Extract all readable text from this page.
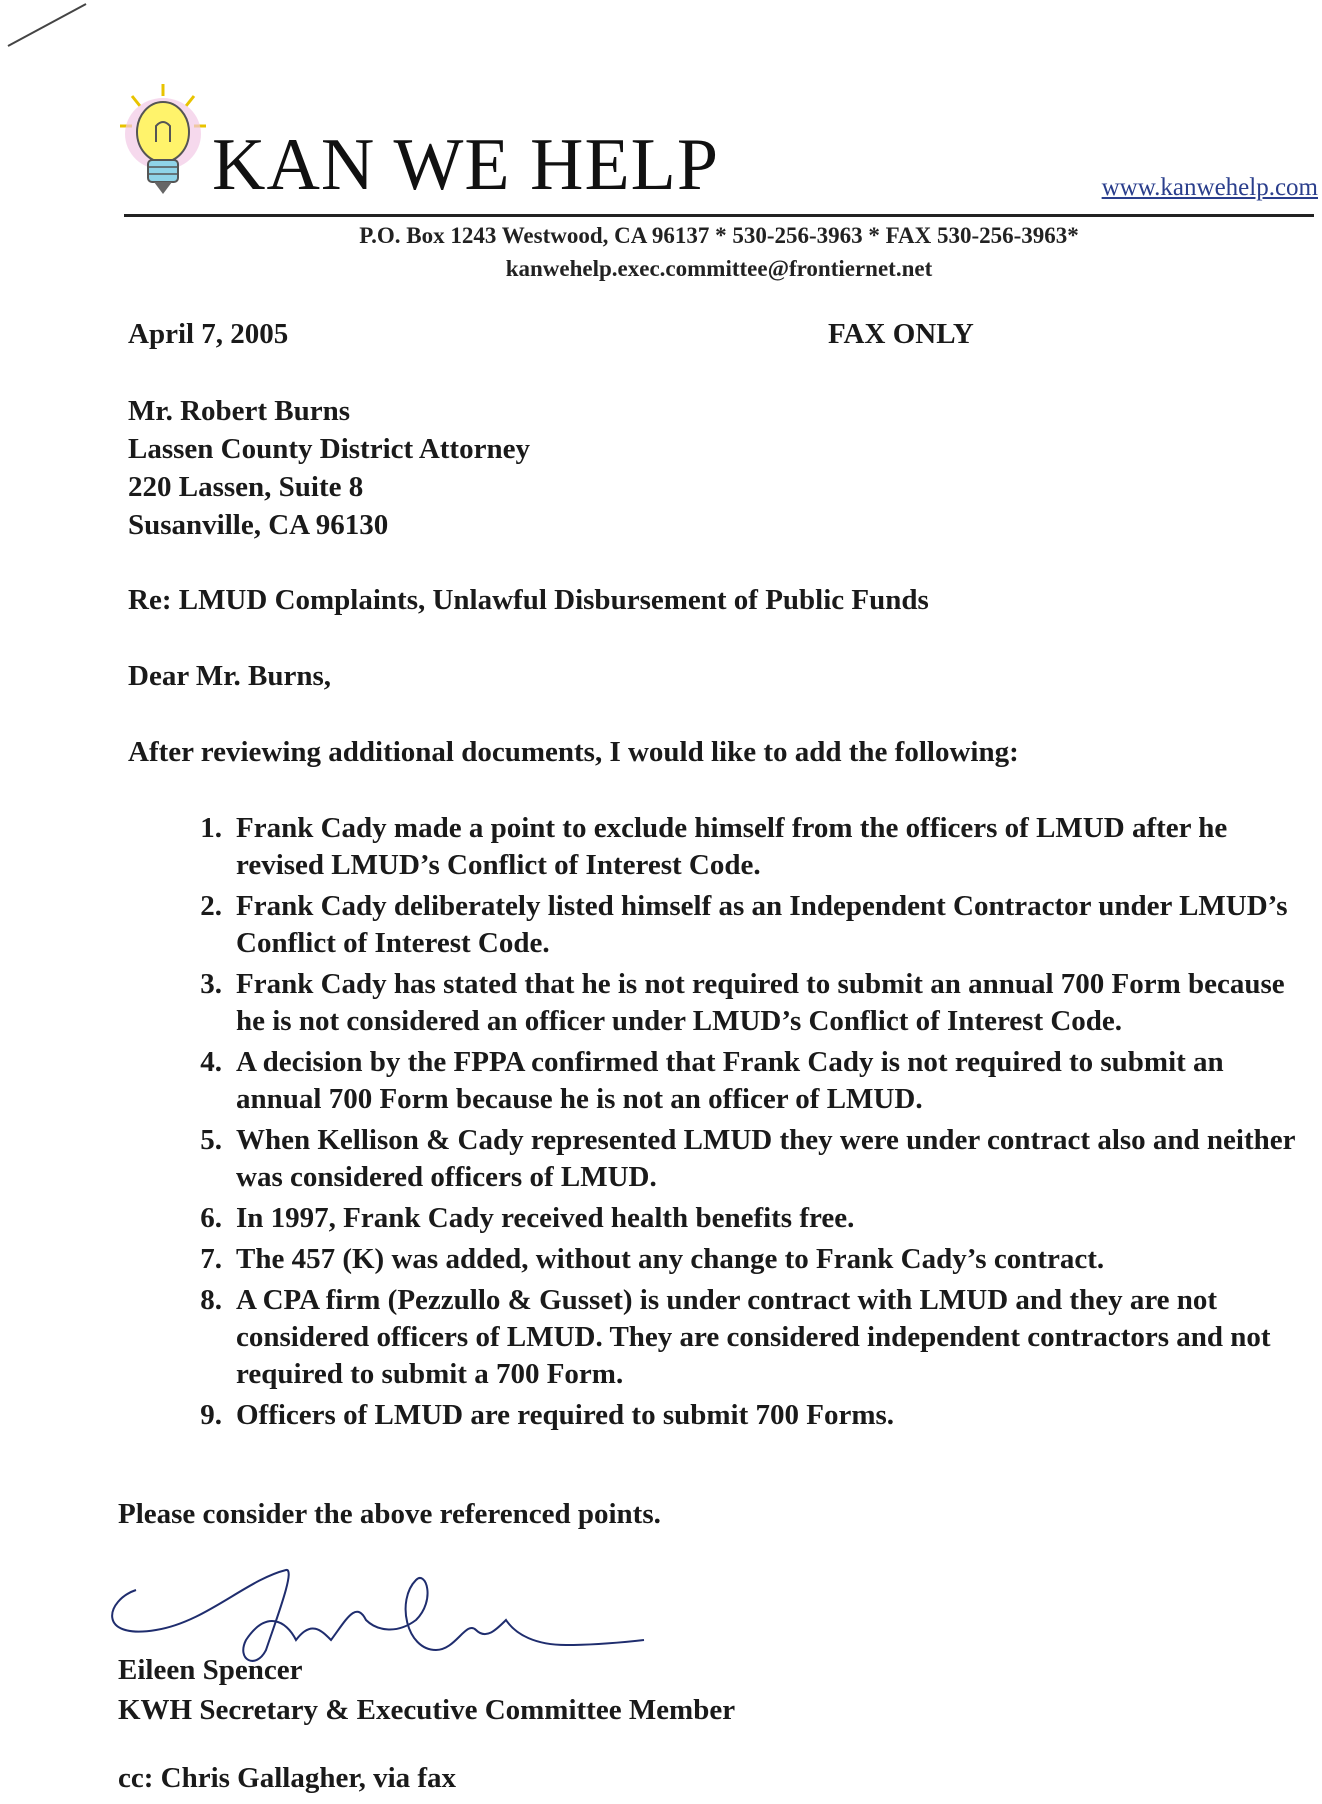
KAN WE HELP	www.kanwehelp.com
P.O. Box 1243 Westwood, CA 96137 * 530-256-3963 * FAX 530-256-3963*
kanwehelp.exec.committee@frontiernet.net
April 7, 2005	FAX ONLY
Mr. Robert Burns
Lassen County District Attorney
220 Lassen, Suite 8
Susanville, CA 96130
Re: LMUD Complaints, Unlawful Disbursement of Public Funds
Dear Mr. Burns,
After reviewing additional documents, I would like to add the following:
1. Frank Cady made a point to exclude himself from the officers of LMUD after he revised LMUD’s Conflict of Interest Code.
2. Frank Cady deliberately listed himself as an Independent Contractor under LMUD’s Conflict of Interest Code.
3. Frank Cady has stated that he is not required to submit an annual 700 Form because he is not considered an officer under LMUD’s Conflict of Interest Code.
4. A decision by the FPPA confirmed that Frank Cady is not required to submit an annual 700 Form because he is not an officer of LMUD.
5. When Kellison & Cady represented LMUD they were under contract also and neither was considered officers of LMUD.
6. In 1997, Frank Cady received health benefits free.
7. The 457 (K) was added, without any change to Frank Cady’s contract.
8. A CPA firm (Pezzullo & Gusset) is under contract with LMUD and they are not considered officers of LMUD. They are considered independent contractors and not required to submit a 700 Form.
9. Officers of LMUD are required to submit 700 Forms.
Please consider the above referenced points.
Eileen Spencer
KWH Secretary & Executive Committee Member
cc: Chris Gallagher, via fax
